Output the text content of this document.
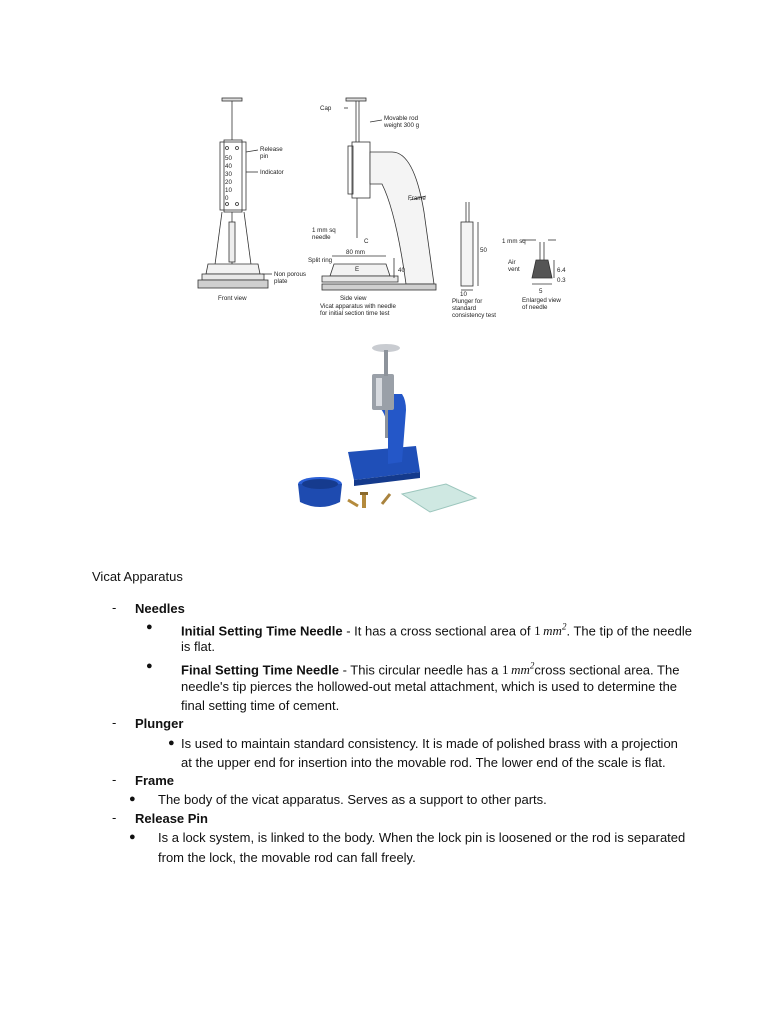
50
40
30
20
10
0
Release pin
Indicator
Non porous plate
Front view
Cap
Movable rod weight 300 g
Frame
1 mm sq needle
C
Split ring
80 mm
E	40
Side view
Vicat apparatus with needle for initial section time test
50
10
Plunger for standard consistency test
1 mm sq
Air vent	6.4
0.3
5
Enlarged view of needle
Vicat Apparatus
- Needles
● Initial Setting Time Needle - It has a cross sectional area of 1  $mm^2$. The tip of the needle
is flat.
● Final Setting Time Needle - This circular needle has a 1  $mm^2cross$ sectional area. The
needle's tip pierces the hollowed-out metal attachment, which is used to determine the
final setting time of cement.
- Plunger
● Is used to maintain standard consistency. It is made of polished brass with a projection
at the upper end for insertion into the movable rod. The lower end of the scale is flat.
- Frame
● The body of the vicat apparatus. Serves as a support to other parts.
- Release Pin
● Is a lock system, is linked to the body. When the lock pin is loosened or the rod is separated
from the lock, the movable rod can fall freely.
